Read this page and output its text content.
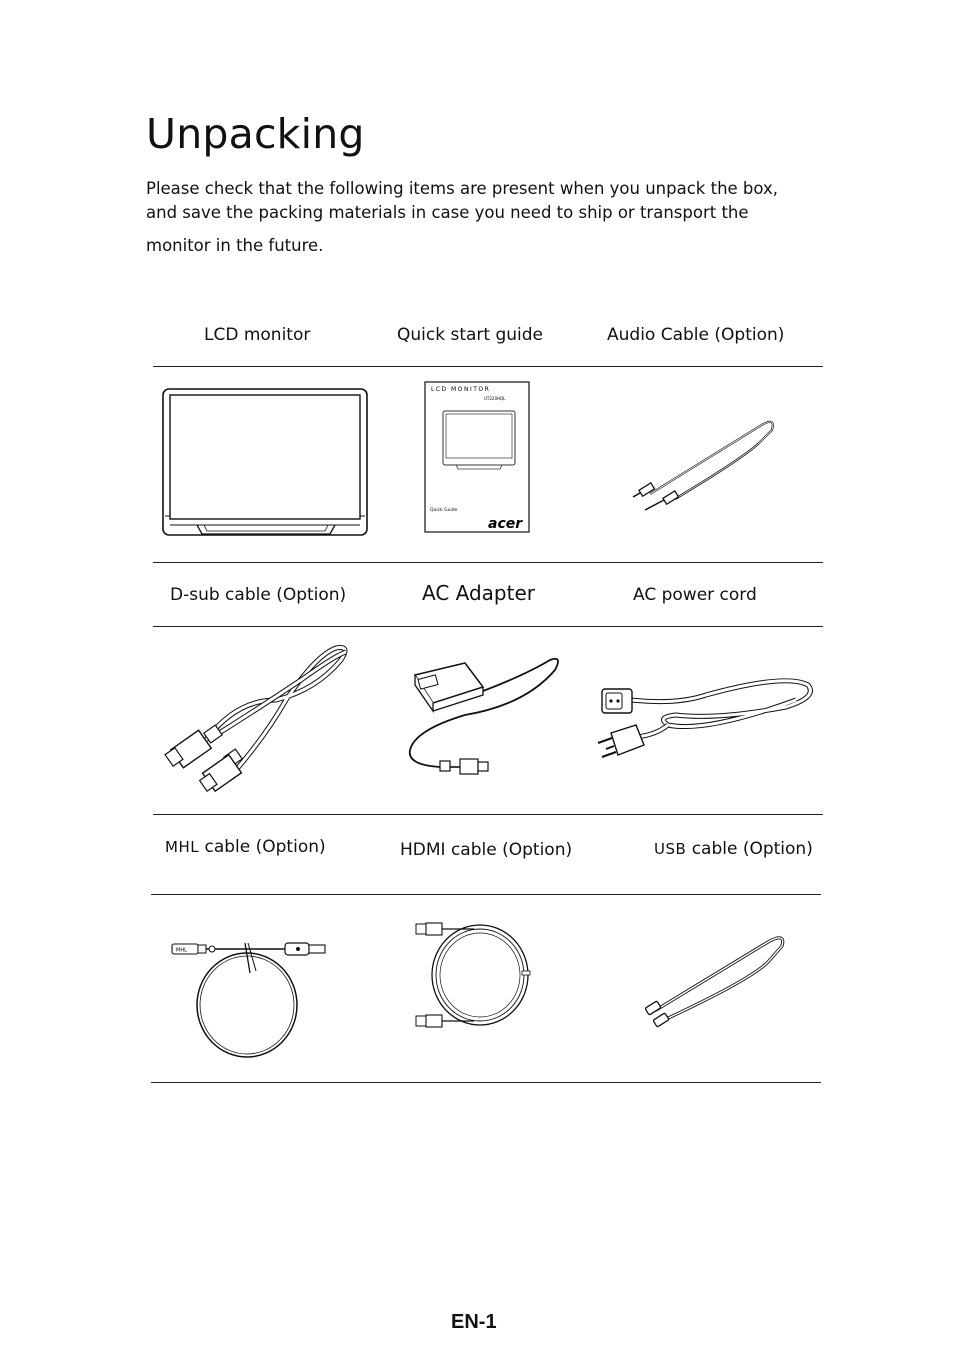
Unpacking
Please check that the following items are present when you unpack the box,
and save the packing materials in case you need to ship or transport the
monitor in the future.
LCD monitor	Quick start guide	Audio Cable (Option)
LCD MONITOR
UT220HQL
Quick Guide
acer
D-sub cable (Option)	AC Adapter	AC power cord
MHL cable (Option)	HDMI cable (Option)	USB cable (Option)
MHL
EN-1
